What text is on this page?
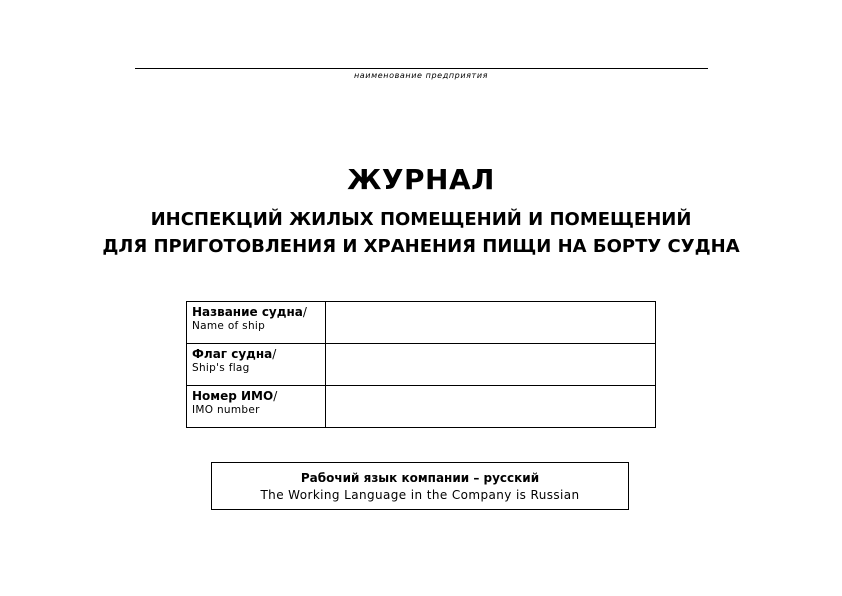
наименование предприятия
ЖУРНАЛ
ИНСПЕКЦИЙ ЖИЛЫХ ПОМЕЩЕНИЙ И ПОМЕЩЕНИЙ
ДЛЯ ПРИГОТОВЛЕНИЯ И ХРАНЕНИЯ ПИЩИ НА БОРТУ СУДНА
Название судна/
Name of ship	

Флаг судна/
Ship's flag	

Номер ИМО/
IMO number	

Рабочий язык компании – русский
The Working Language in the Company is Russian
